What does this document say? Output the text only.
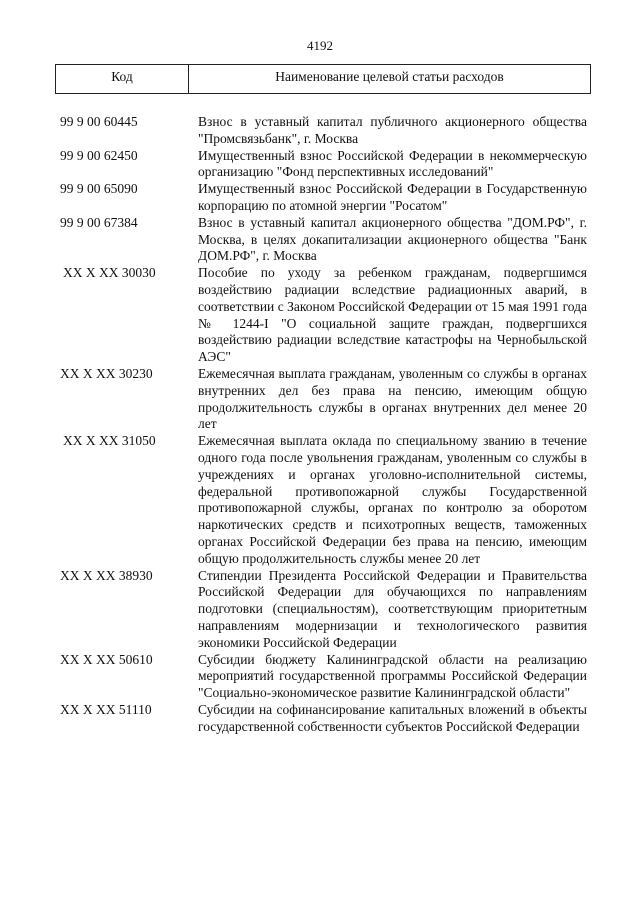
4192
Код	Наименование целевой статьи расходов
99 9 00 60445	Взнос в уставный капитал публичного акционерного общества "Промсвязьбанк", г. Москва
99 9 00 62450	Имущественный взнос Российской Федерации в некоммерческую организацию "Фонд перспективных исследований"
99 9 00 65090	Имущественный взнос Российской Федерации в Государственную корпорацию по атомной энергии "Росатом"
99 9 00 67384	Взнос в уставный капитал акционерного общества "ДОМ.РФ", г. Москва, в целях докапитализации акционерного общества "Банк ДОМ.РФ", г. Москва
XX X XX 30030	Пособие по уходу за ребенком гражданам, подвергшимся воздействию радиации вследствие радиационных аварий, в соответствии с Законом Российской Федерации от 15 мая 1991 года № 1244-I "О социальной защите граждан, подвергшихся воздействию радиации вследствие катастрофы на Чернобыльской АЭС"
XX X XX 30230	Ежемесячная выплата гражданам, уволенным со службы в органах внутренних дел без права на пенсию, имеющим общую продолжительность службы в органах внутренних дел менее 20 лет
XX X XX 31050	Ежемесячная выплата оклада по специальному званию в течение одного года после увольнения гражданам, уволенным со службы в учреждениях и органах уголовно-исполнительной системы, федеральной противопожарной службы Государственной противопожарной службы, органах по контролю за оборотом наркотических средств и психотропных веществ, таможенных органах Российской Федерации без права на пенсию, имеющим общую продолжительность службы менее 20 лет
XX X XX 38930	Стипендии Президента Российской Федерации и Правительства Российской Федерации для обучающихся по направлениям подготовки (специальностям), соответствующим приоритетным направлениям модернизации и технологического развития экономики Российской Федерации
XX X XX 50610	Субсидии бюджету Калининградской области на реализацию мероприятий государственной программы Российской Федерации "Социально-экономическое развитие Калининградской области"
XX X XX 51110	Субсидии на софинансирование капитальных вложений в объекты государственной собственности субъектов Российской Федерации
